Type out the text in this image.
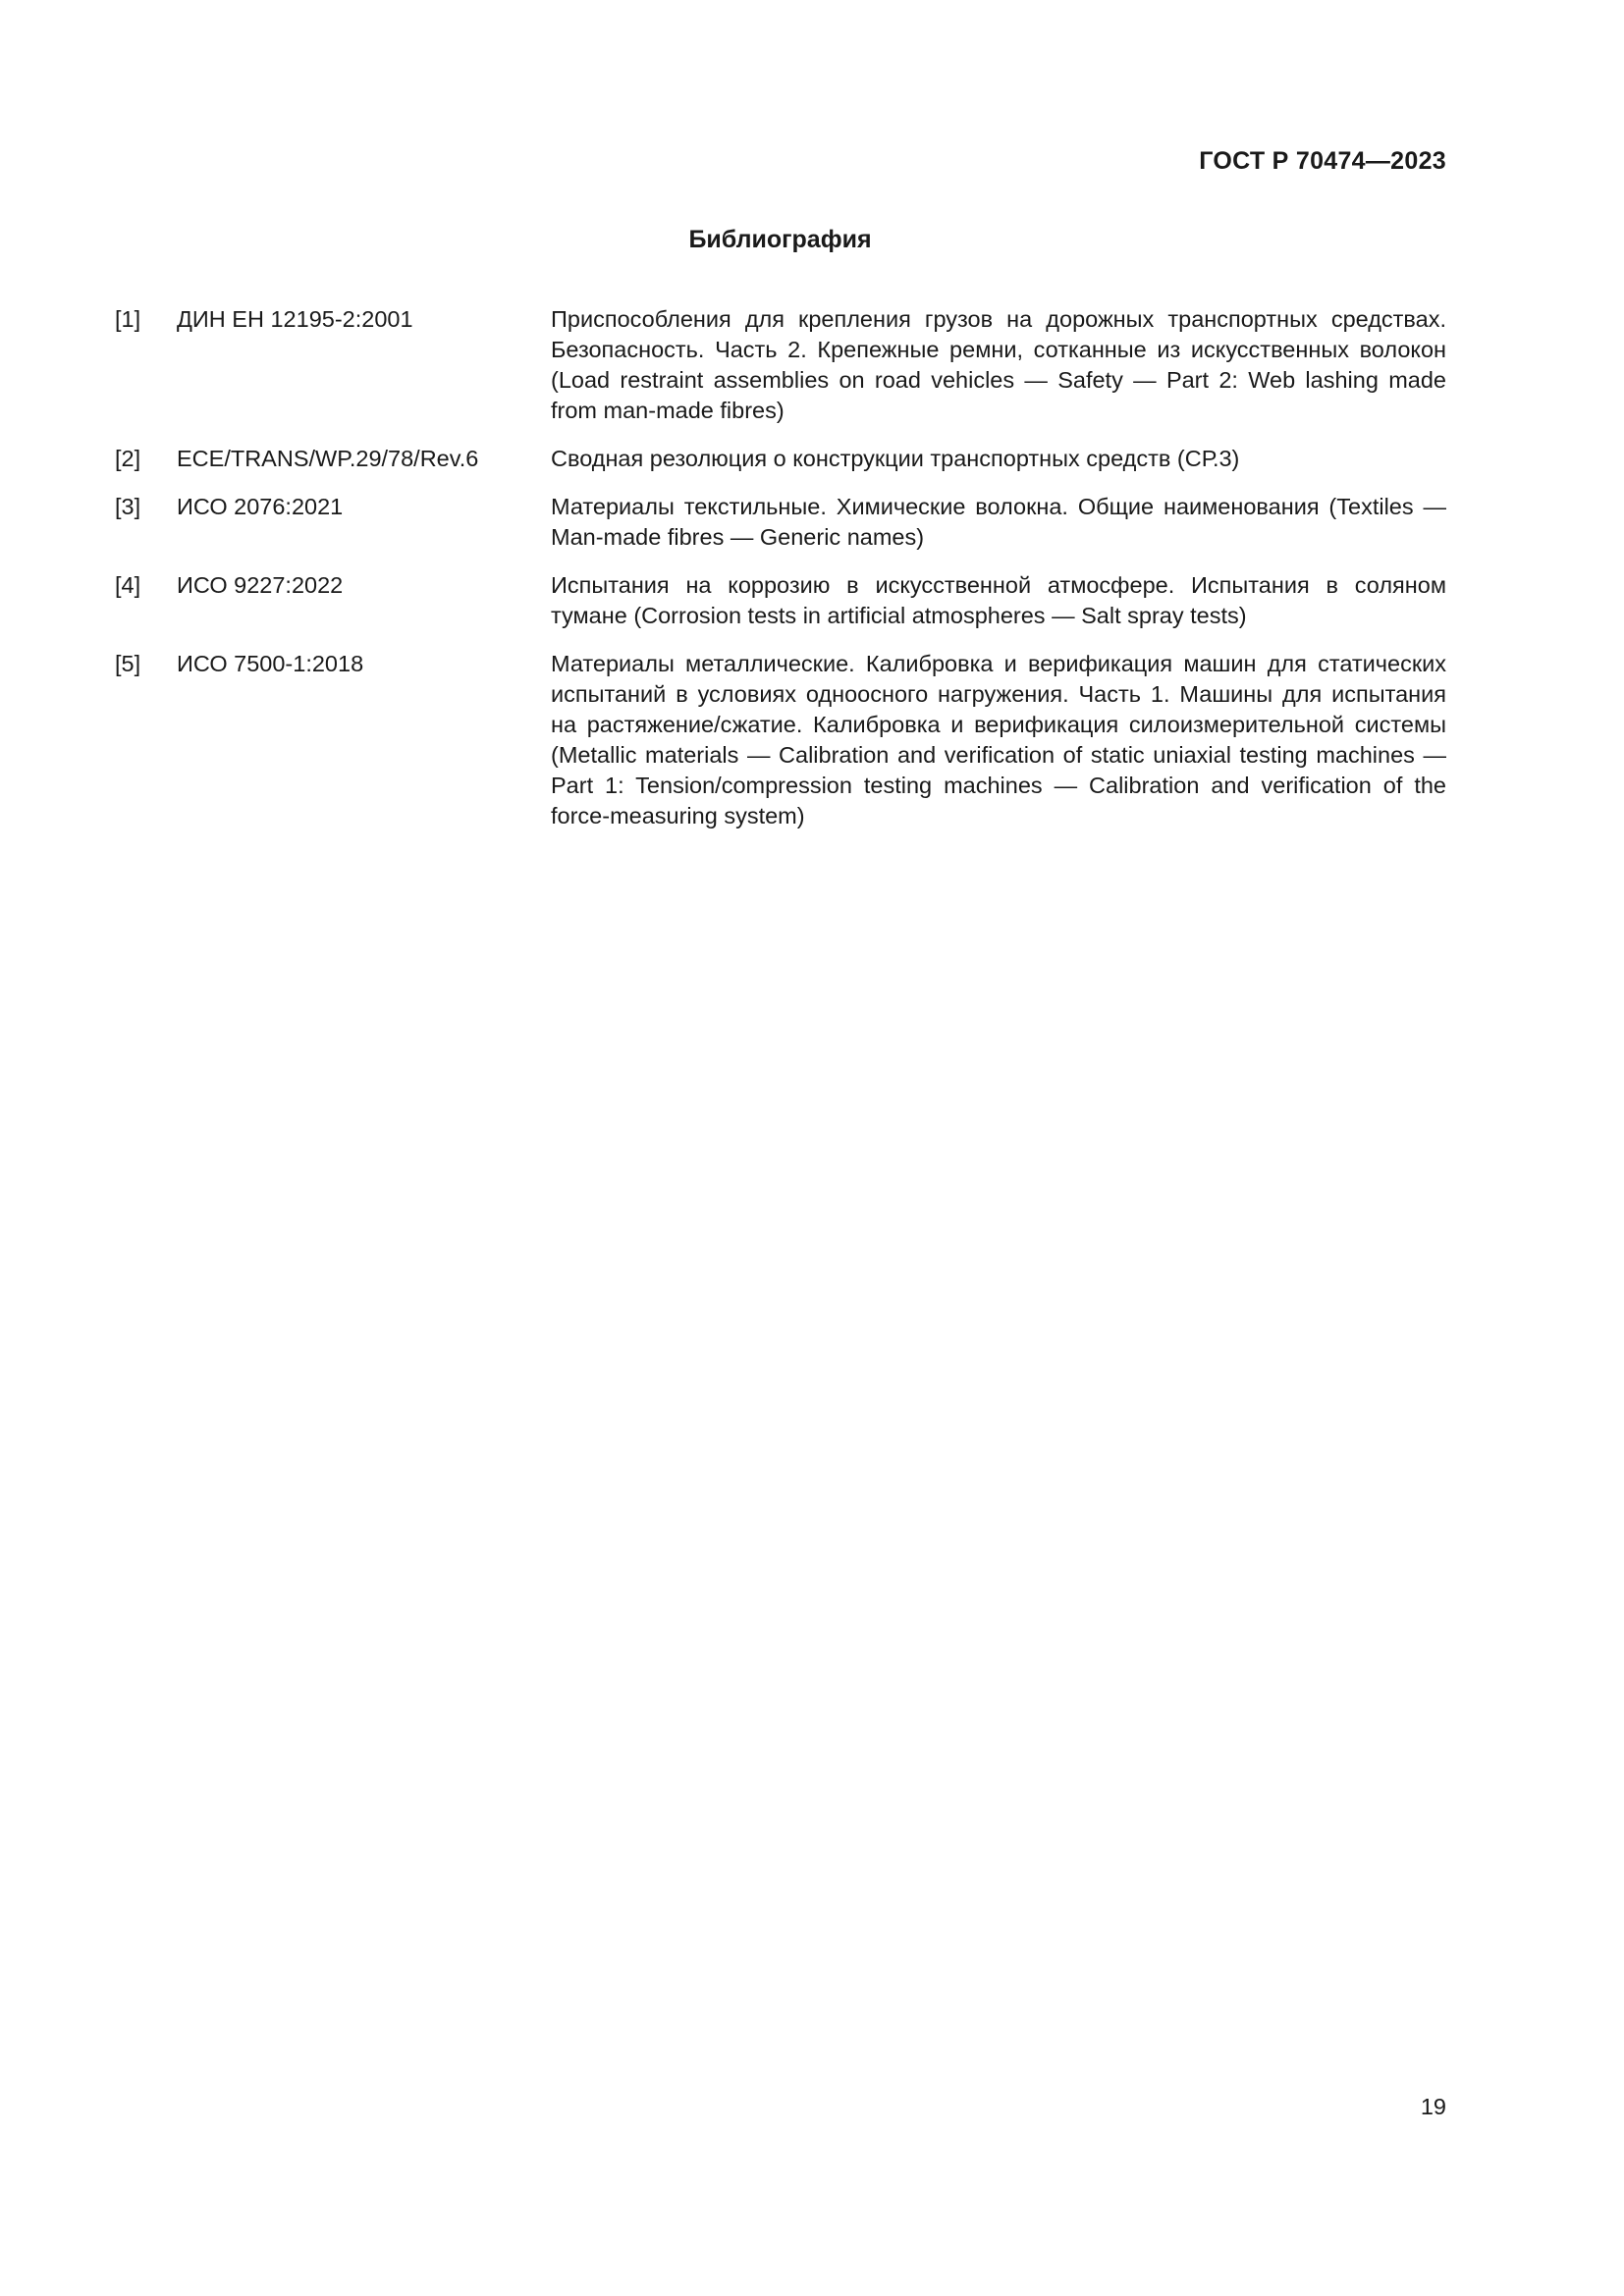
ГОСТ Р 70474—2023
Библиография
[1]	ДИН ЕН 12195-2:2001	Приспособления для крепления грузов на дорожных транспортных средствах. Безопасность. Часть 2. Крепежные ремни, сотканные из искусственных волокон (Load restraint assemblies on road vehicles — Safety — Part 2: Web lashing made from man-made fibres)
[2]	ECE/TRANS/WP.29/78/Rev.6	Сводная резолюция о конструкции транспортных средств (СР.3)
[3]	ИСО 2076:2021	Материалы текстильные. Химические волокна. Общие наименования (Textiles — Man-made fibres — Generic names)
[4]	ИСО 9227:2022	Испытания на коррозию в искусственной атмосфере. Испытания в соляном тумане (Corrosion tests in artificial atmospheres — Salt spray tests)
[5]	ИСО 7500-1:2018	Материалы металлические. Калибровка и верификация машин для статических испытаний в условиях одноосного нагружения. Часть 1. Машины для испытания на растяжение/сжатие. Калибровка и верификация силоизмерительной системы (Metallic materials — Calibration and verification of static uniaxial testing machines — Part 1: Tension/compression testing machines — Calibration and verification of the force-measuring system)
19
